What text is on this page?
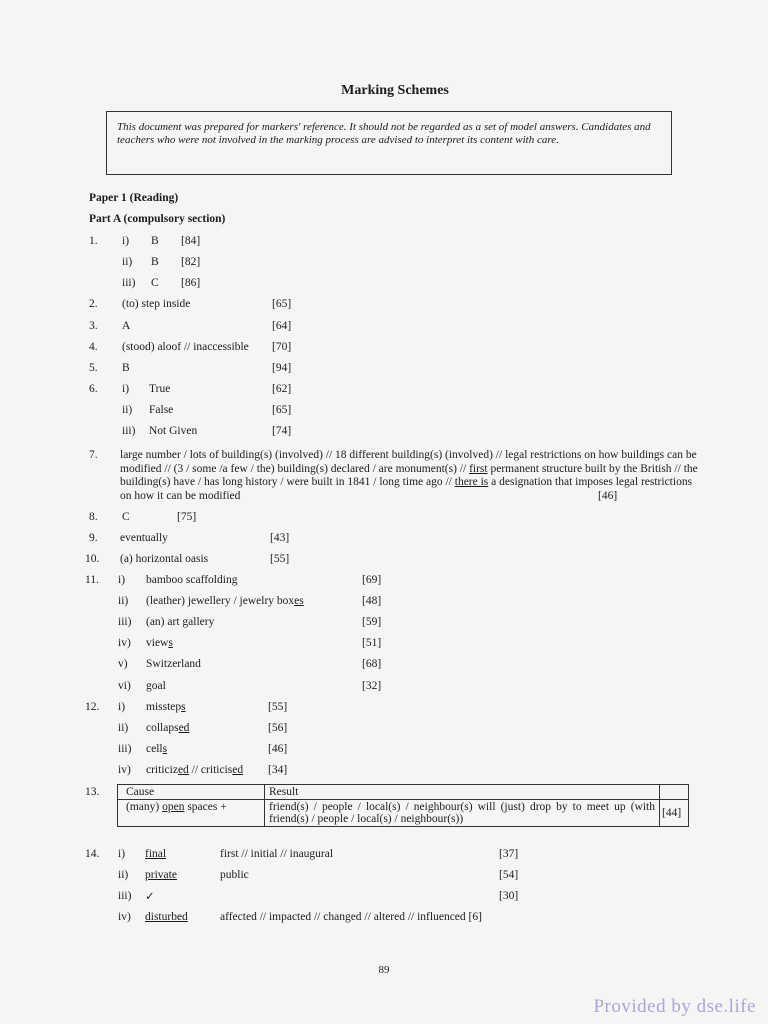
Marking Schemes
This document was prepared for markers' reference. It should not be regarded as a set of model answers. Candidates and teachers who were not involved in the marking process are advised to interpret its content with care.
Paper 1 (Reading)
Part A (compulsory section)
1. i) B [84]
ii) B [82]
iii) C [86]
2. (to) step inside	[65]
3. A	[64]
4. (stood) aloof // inaccessible [70]
5. B	[94]
6. i) True	[62]
ii) False	[65]
iii) Not Given	[74]
7. large number / lots of building(s) (involved) // 18 different building(s) (involved) // legal restrictions on how buildings can be modified // (3 / some /a few / the) building(s) declared / are monument(s) // first permanent structure built by the British // the building(s) have / has long history / were built in 1841 / long time ago // there is a designation that imposes legal restrictions on how it can be modified	[46]
8. C	[75]
9. eventually	[43]
10. (a) horizontal oasis	[55]
11. i) bamboo scaffolding	[69]
ii) (leather) jewellery / jewelry boxes	[48]
iii) (an) art gallery	[59]
iv) views	[51]
v) Switzerland	[68]
vi) goal	[32]
12. i) missteps	[55]
ii) collapsed	[56]
iii) cells	[46]
iv) criticized // criticised [34]
13. Cause	Result	
(many) open spaces +	friend(s) / people / local(s) / neighbour(s) will (just) drop by to meet up (with friend(s) / people / local(s) / neighbour(s))	[44]
14. i) final	first // initial // inaugural	[37]
ii) private	public	[54]
iii) ✓	[30]
iv) disturbed	affected // impacted // changed // altered // influenced [6]
89
Provided by dse.life
